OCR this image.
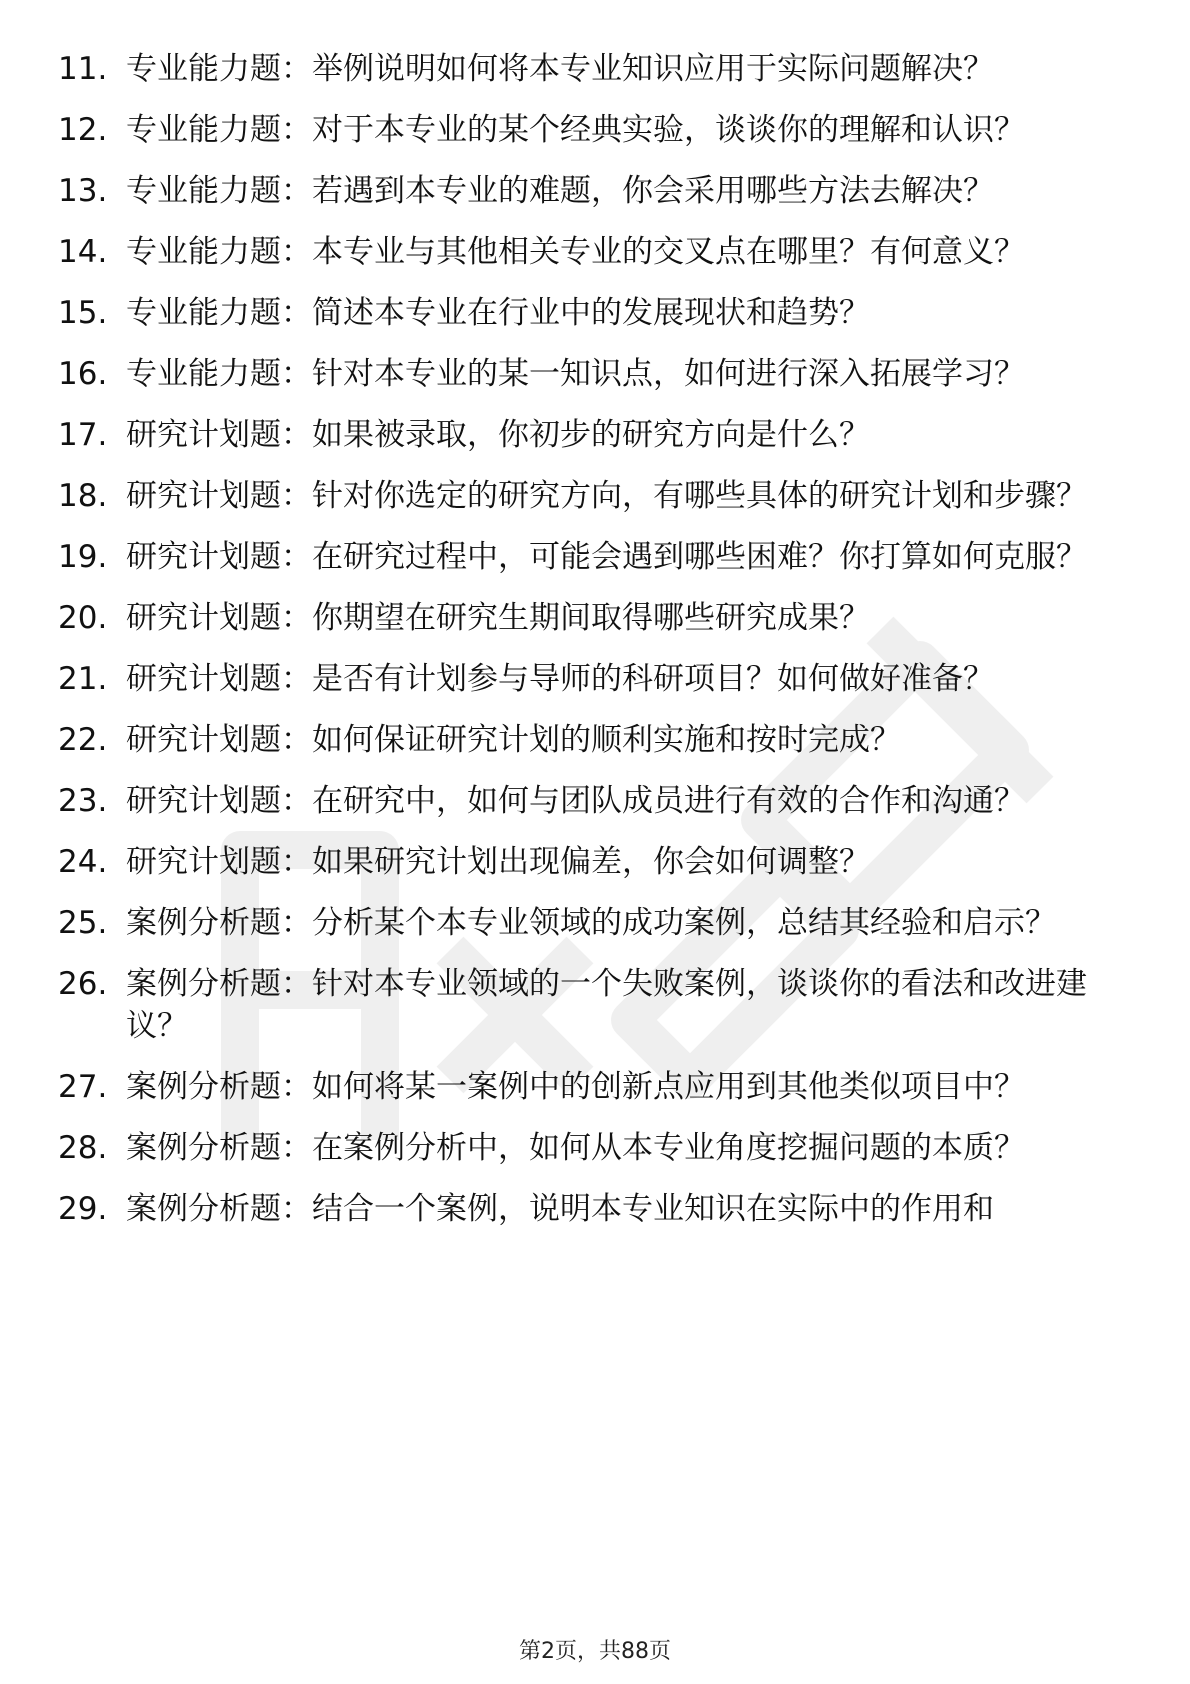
11. 专业能力题：举例说明如何将本专业知识应用于实际问题解决？
12. 专业能力题：对于本专业的某个经典实验，谈谈你的理解和认识？
13. 专业能力题：若遇到本专业的难题，你会采用哪些方法去解决？
14. 专业能力题：本专业与其他相关专业的交叉点在哪里？有何意义？
15. 专业能力题：简述本专业在行业中的发展现状和趋势？
16. 专业能力题：针对本专业的某一知识点，如何进行深入拓展学习？
17. 研究计划题：如果被录取，你初步的研究方向是什么？
18. 研究计划题：针对你选定的研究方向，有哪些具体的研究计划和步骤？
19. 研究计划题：在研究过程中，可能会遇到哪些困难？你打算如何克服？
20. 研究计划题：你期望在研究生期间取得哪些研究成果？
21. 研究计划题：是否有计划参与导师的科研项目？如何做好准备？
22. 研究计划题：如何保证研究计划的顺利实施和按时完成？
23. 研究计划题：在研究中，如何与团队成员进行有效的合作和沟通？
24. 研究计划题：如果研究计划出现偏差，你会如何调整？
25. 案例分析题：分析某个本专业领域的成功案例，总结其经验和启示？
26. 案例分析题：针对本专业领域的一个失败案例，谈谈你的看法和改进建议？
27. 案例分析题：如何将某一案例中的创新点应用到其他类似项目中？
28. 案例分析题：在案例分析中，如何从本专业角度挖掘问题的本质？
29. 案例分析题：结合一个案例，说明本专业知识在实际中的作用和
第2页，共88页
